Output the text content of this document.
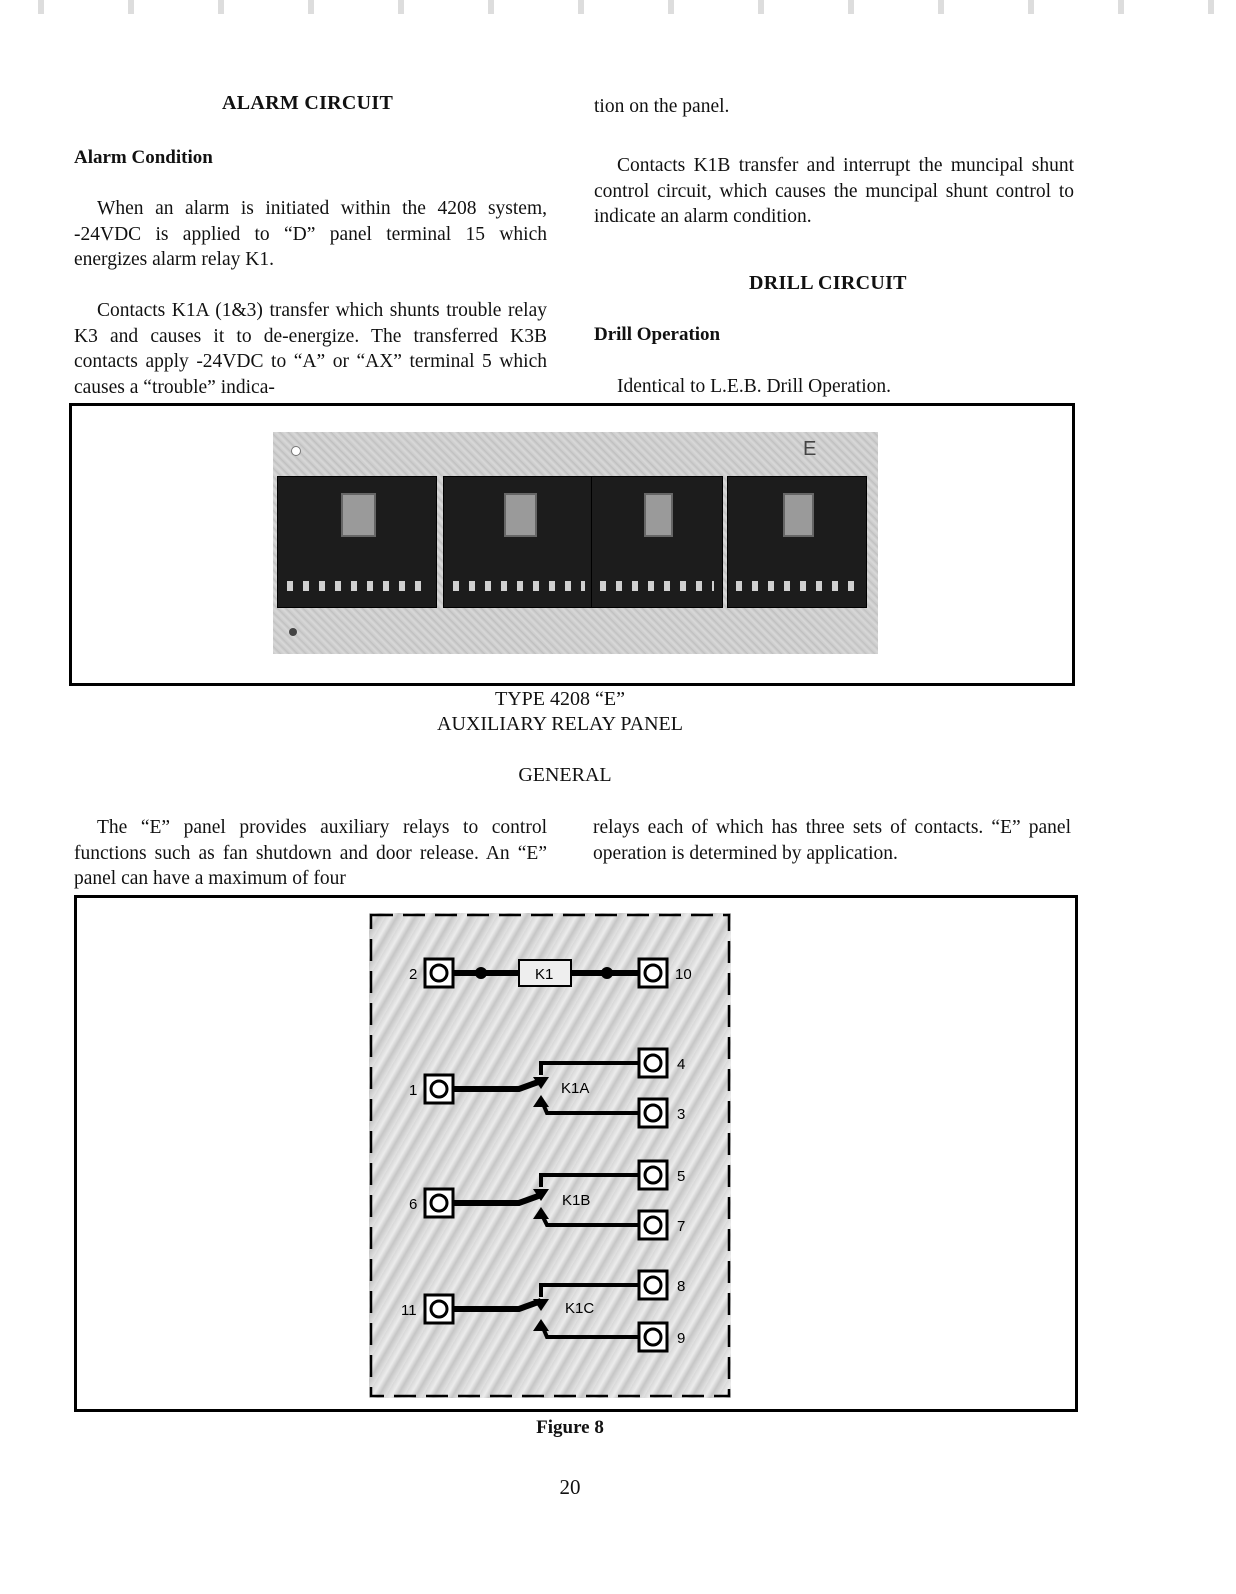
ALARM CIRCUIT
Alarm Condition

When an alarm is initiated within the 4208 system, -24VDC is applied to “D” panel terminal 15 which energizes alarm relay K1.

Contacts K1A (1&3) transfer which shunts trouble relay K3 and causes it to de-energize. The transferred K3B contacts apply -24VDC to “A” or “AX” terminal 5 which causes a “trouble” indica-

tion on the panel.

Contacts K1B transfer and interrupt the muncipal shunt control circuit, which causes the muncipal shunt control to indicate an alarm condition.

DRILL CIRCUIT
Drill Operation

Identical to L.E.B. Drill Operation.

E
TYPE 4208 “E”
AUXILIARY RELAY PANEL
GENERAL

The “E” panel provides auxiliary relays to control functions such as fan shutdown and door release. An “E” panel can have a maximum of four

relays each of which has three sets of contacts. “E” panel operation is determined by application.

K1
K1A
K1B
K1C
2	10
1
4
3
6
5
7
11
8
9
Figure 8
20
